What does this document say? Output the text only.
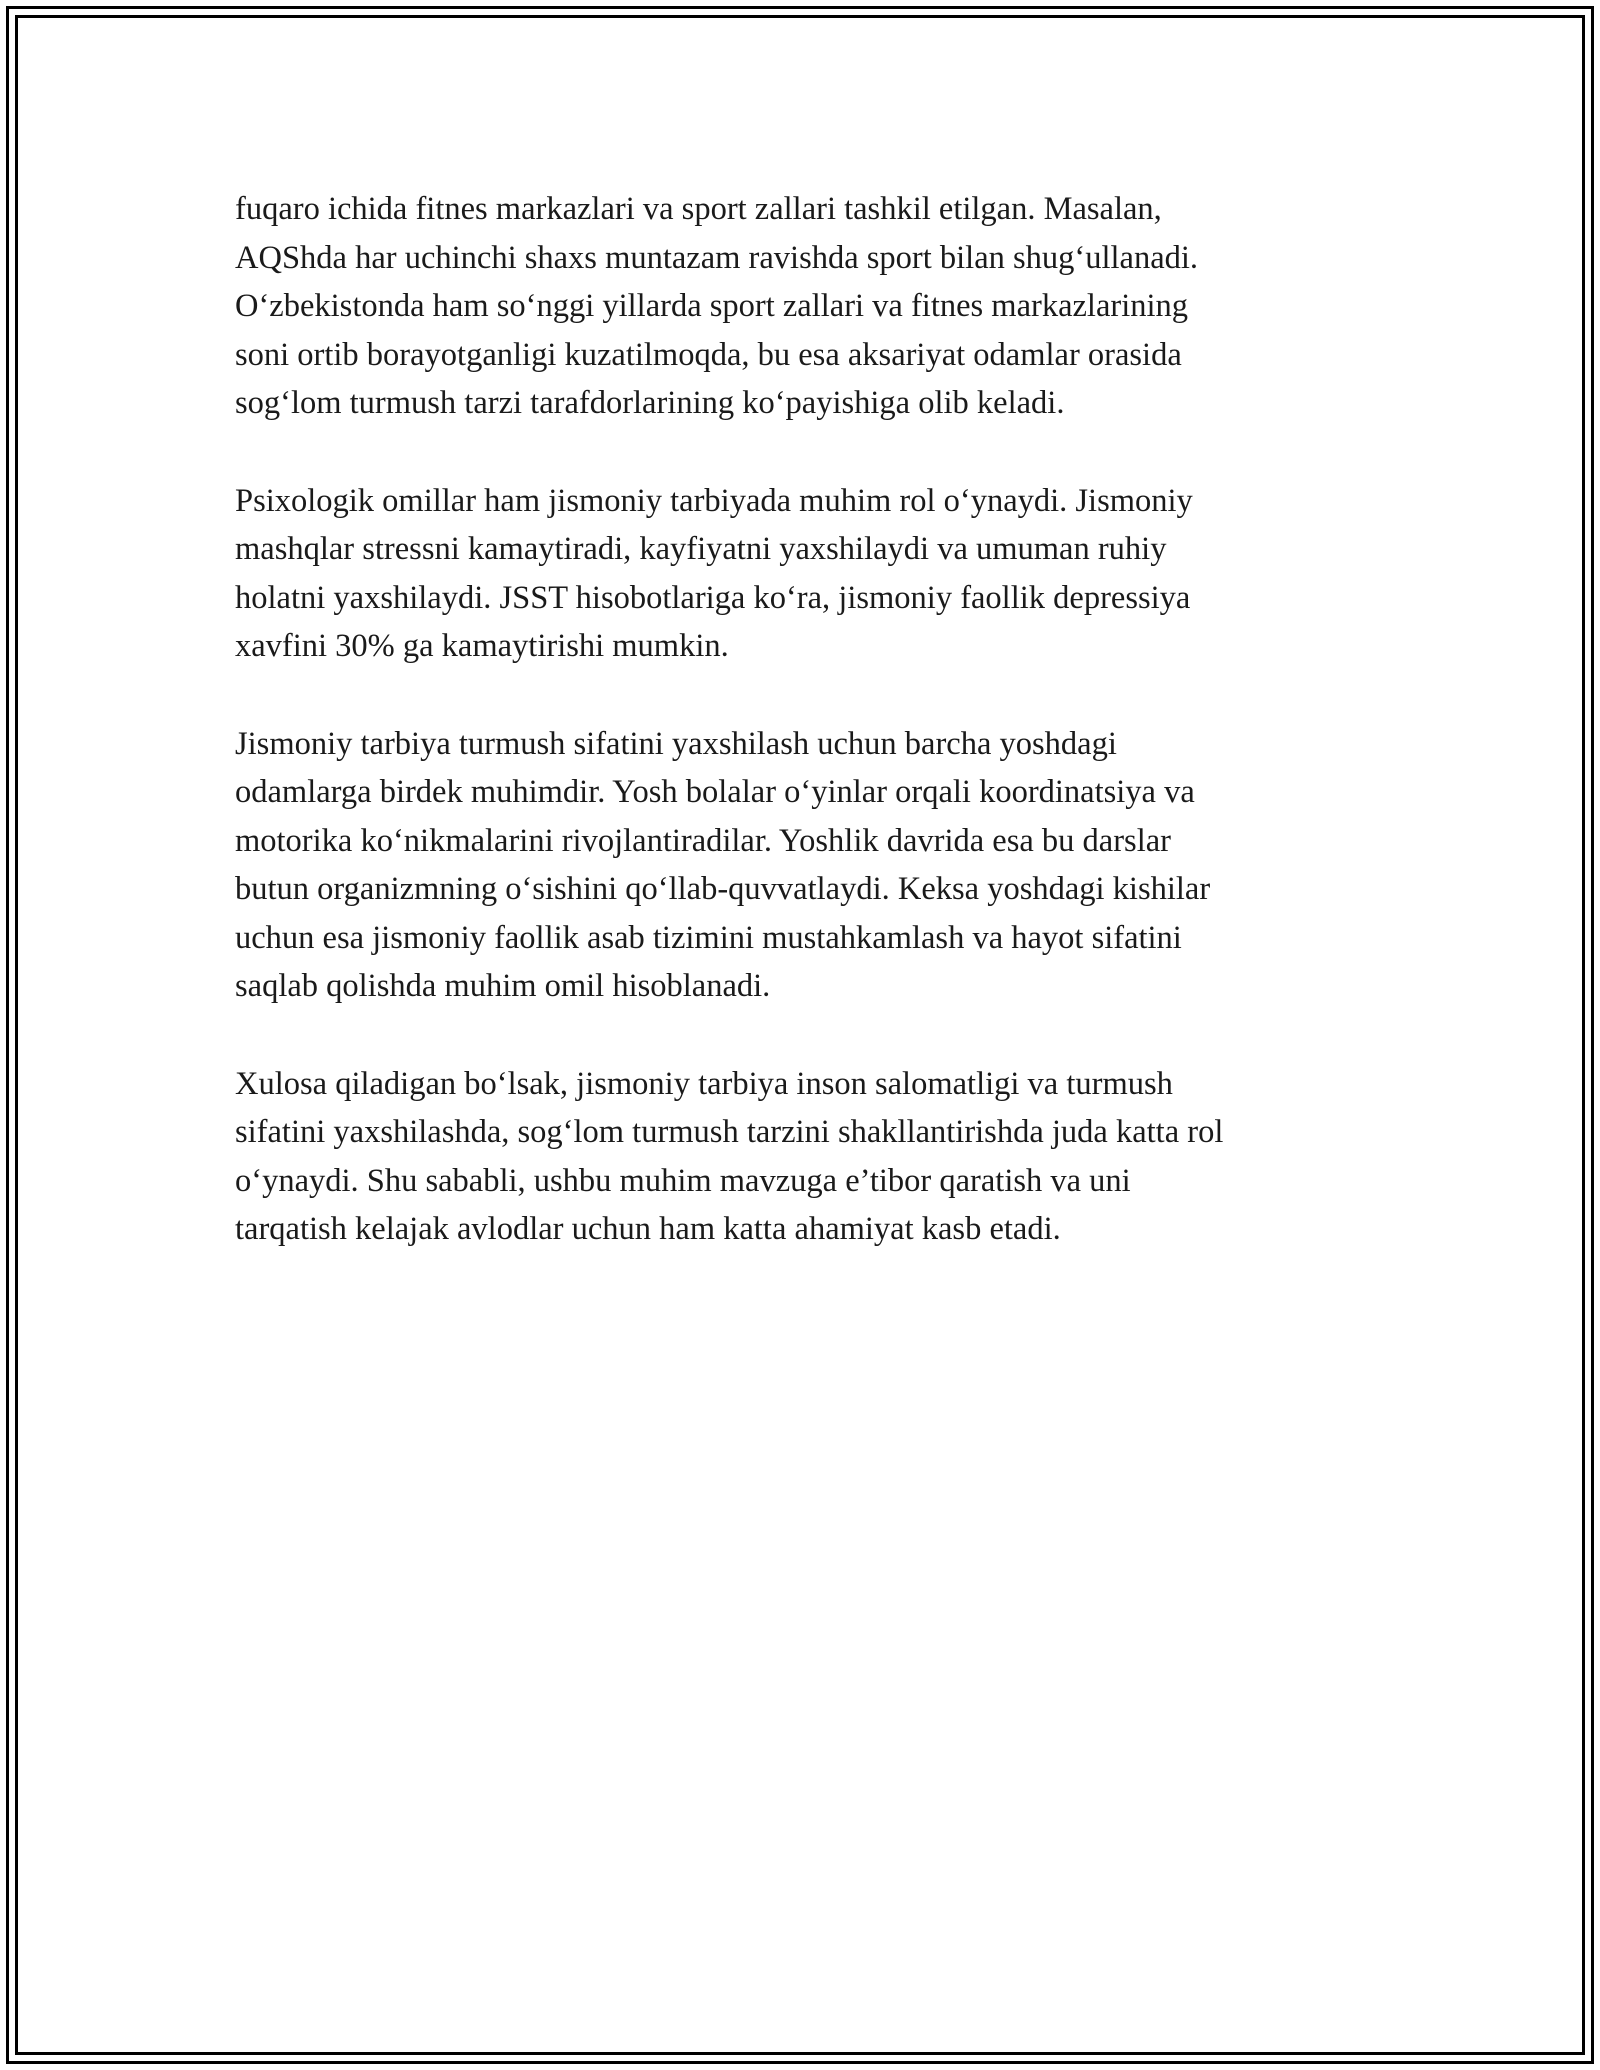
fuqaro ichida fitnes markazlari va sport zallari tashkil etilgan. Masalan,
AQShda har uchinchi shaxs muntazam ravishda sport bilan shug‘ullanadi.
O‘zbekistonda ham so‘nggi yillarda sport zallari va fitnes markazlarining
soni ortib borayotganligi kuzatilmoqda, bu esa aksariyat odamlar orasida
sog‘lom turmush tarzi tarafdorlarining ko‘payishiga olib keladi.

Psixologik omillar ham jismoniy tarbiyada muhim rol o‘ynaydi. Jismoniy
mashqlar stressni kamaytiradi, kayfiyatni yaxshilaydi va umuman ruhiy
holatni yaxshilaydi. JSST hisobotlariga ko‘ra, jismoniy faollik depressiya
xavfini 30% ga kamaytirishi mumkin.

Jismoniy tarbiya turmush sifatini yaxshilash uchun barcha yoshdagi
odamlarga birdek muhimdir. Yosh bolalar o‘yinlar orqali koordinatsiya va
motorika ko‘nikmalarini rivojlantiradilar. Yoshlik davrida esa bu darslar
butun organizmning o‘sishini qo‘llab-quvvatlaydi. Keksa yoshdagi kishilar
uchun esa jismoniy faollik asab tizimini mustahkamlash va hayot sifatini
saqlab qolishda muhim omil hisoblanadi.

Xulosa qiladigan bo‘lsak, jismoniy tarbiya inson salomatligi va turmush
sifatini yaxshilashda, sog‘lom turmush tarzini shakllantirishda juda katta rol
o‘ynaydi. Shu sababli, ushbu muhim mavzuga e’tibor qaratish va uni
tarqatish kelajak avlodlar uchun ham katta ahamiyat kasb etadi.
